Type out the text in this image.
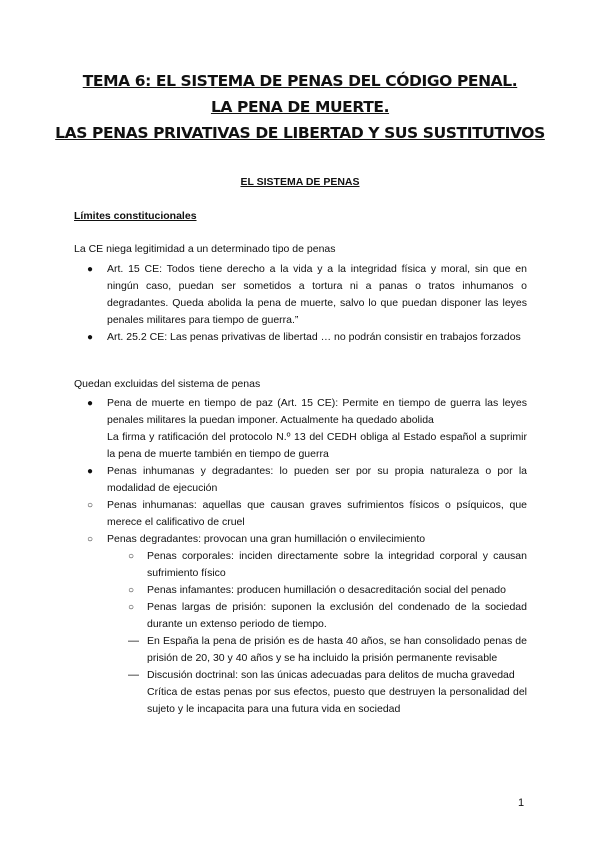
TEMA 6: EL SISTEMA DE PENAS DEL CÓDIGO PENAL.
LA PENA DE MUERTE.
LAS PENAS PRIVATIVAS DE LIBERTAD Y SUS SUSTITUTIVOS
EL SISTEMA DE PENAS
Límites constitucionales
La CE niega legitimidad a un determinado tipo de penas
● Art. 15 CE: Todos tiene derecho a la vida y a la integridad física y moral, sin que en ningún caso, puedan ser sometidos a tortura ni a panas o tratos inhumanos o degradantes. Queda abolida la pena de muerte, salvo lo que puedan disponer las leyes penales militares para tiempo de guerra.”
● Art. 25.2 CE: Las penas privativas de libertad … no podrán consistir en trabajos forzados
Quedan excluidas del sistema de penas
● Pena de muerte en tiempo de paz (Art. 15 CE): Permite en tiempo de guerra las leyes penales militares la puedan imponer. Actualmente ha quedado abolida
La firma y ratificación del protocolo N.º 13 del CEDH obliga al Estado español a suprimir la pena de muerte también en tiempo de guerra
● Penas inhumanas y degradantes: lo pueden ser por su propia naturaleza o por la modalidad de ejecución
○ Penas inhumanas: aquellas que causan graves sufrimientos físicos o psíquicos, que merece el calificativo de cruel
○ Penas degradantes: provocan una gran humillación o envilecimiento
○ Penas corporales: inciden directamente sobre la integridad corporal y causan sufrimiento físico
○ Penas infamantes: producen humillación o desacreditación social del penado
○ Penas largas de prisión: suponen la exclusión del condenado de la sociedad durante un extenso periodo de tiempo.
— En España la pena de prisión es de hasta 40 años, se han consolidado penas de prisión de 20, 30 y 40 años y se ha incluido la prisión permanente revisable
— Discusión doctrinal: son las únicas adecuadas para delitos de mucha gravedad
Crítica de estas penas por sus efectos, puesto que destruyen la personalidad del sujeto y le incapacita para una futura vida en sociedad
1
